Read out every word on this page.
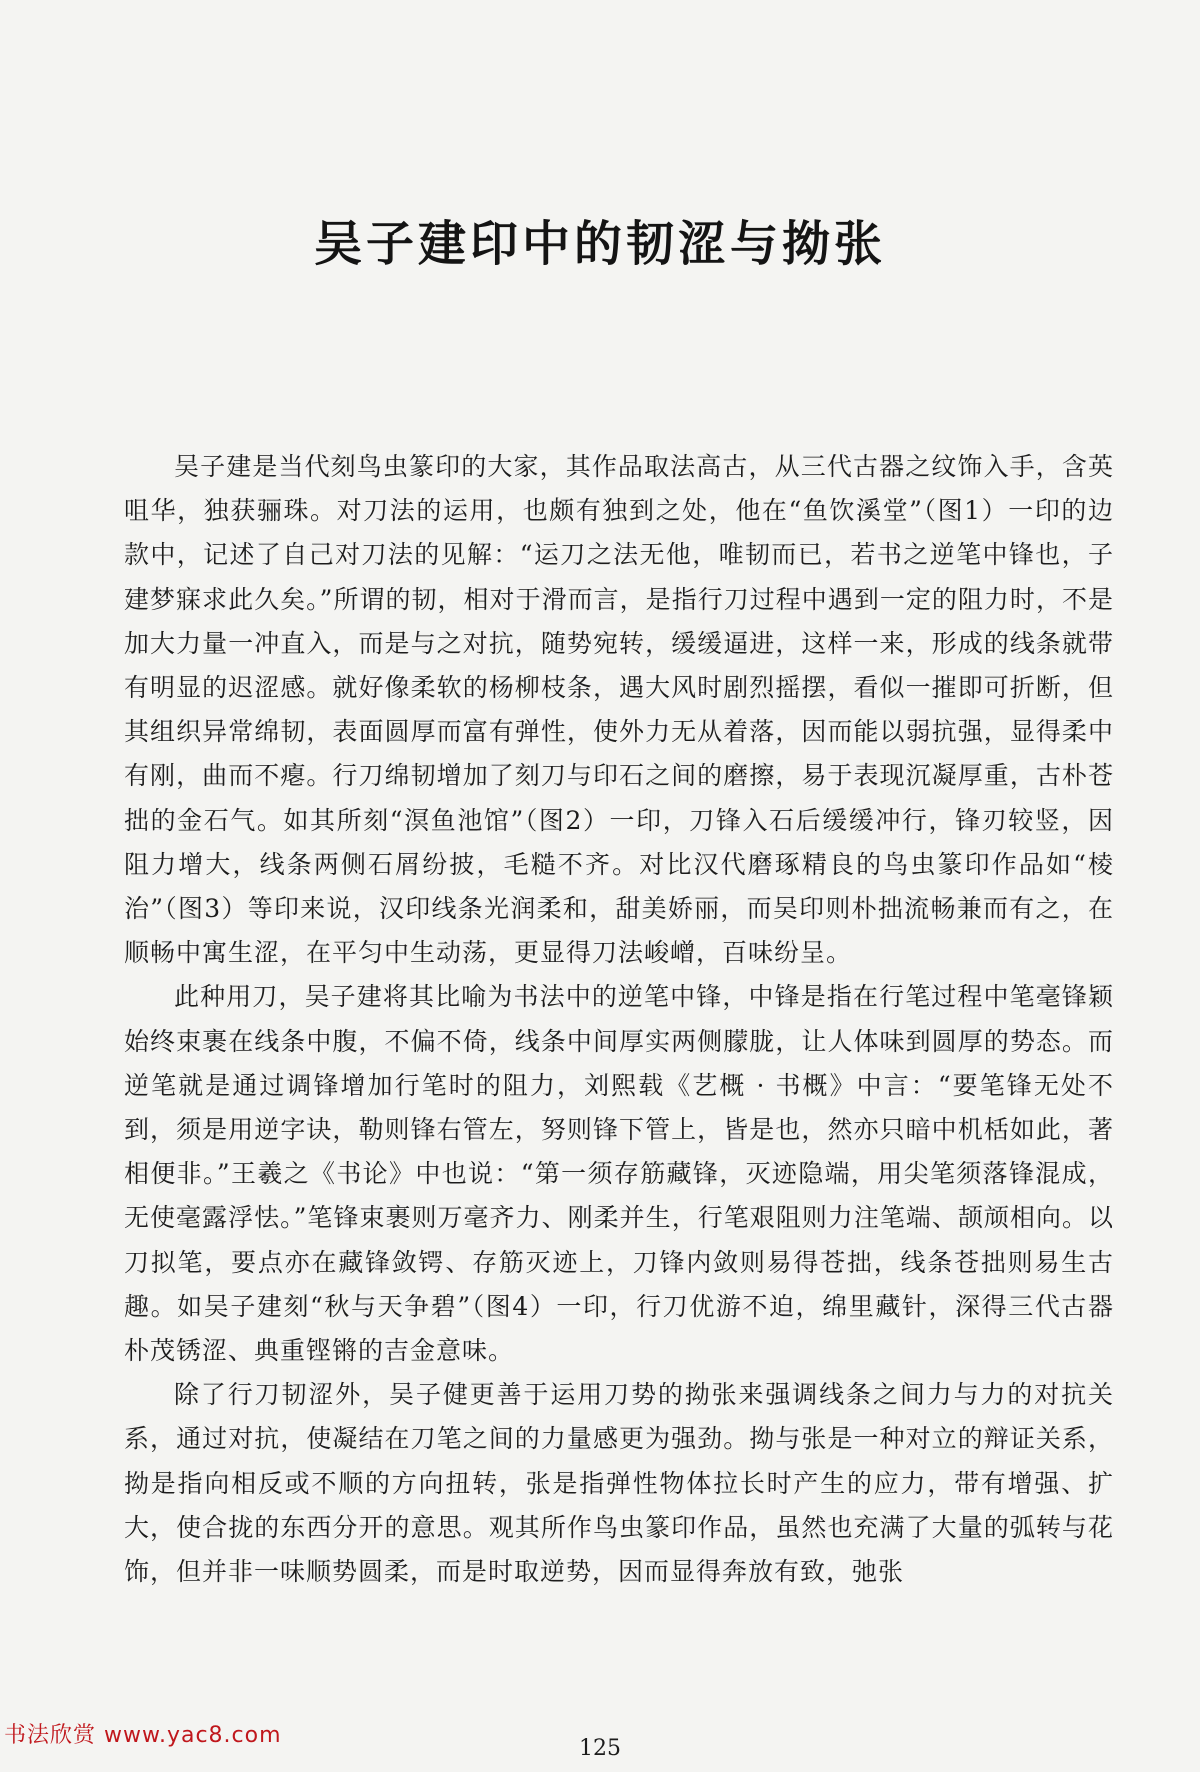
吴子建印中的韧涩与拗张

吴子建是当代刻鸟虫篆印的大家，其作品取法高古，从三代古器之纹饰入手，含英咀华，独获骊珠。对刀法的运用，也颇有独到之处，他在“鱼饮溪堂”（图1）一印的边款中，记述了自己对刀法的见解：“运刀之法无他，唯韧而已，若书之逆笔中锋也，子建梦寐求此久矣。”所谓的韧，相对于滑而言，是指行刀过程中遇到一定的阻力时，不是加大力量一冲直入，而是与之对抗，随势宛转，缓缓逼进，这样一来，形成的线条就带有明显的迟涩感。就好像柔软的杨柳枝条，遇大风时剧烈摇摆，看似一摧即可折断，但其组织异常绵韧，表面圆厚而富有弹性，使外力无从着落，因而能以弱抗强，显得柔中有刚，曲而不瘪。行刀绵韧增加了刻刀与印石之间的磨擦，易于表现沉凝厚重，古朴苍拙的金石气。如其所刻“溟鱼池馆”（图2）一印，刀锋入石后缓缓冲行，锋刃较竖，因阻力增大，线条两侧石屑纷披，毛糙不齐。对比汉代磨琢精良的鸟虫篆印作品如“棱治”（图3）等印来说，汉印线条光润柔和，甜美娇丽，而吴印则朴拙流畅兼而有之，在顺畅中寓生涩，在平匀中生动荡，更显得刀法峻嶒，百味纷呈。

此种用刀，吴子建将其比喻为书法中的逆笔中锋，中锋是指在行笔过程中笔毫锋颖始终束裹在线条中腹，不偏不倚，线条中间厚实两侧朦胧，让人体味到圆厚的势态。而逆笔就是通过调锋增加行笔时的阻力，刘熙载《艺概 · 书概》中言：“要笔锋无处不到，须是用逆字诀，勒则锋右管左，努则锋下管上，皆是也，然亦只暗中机栝如此，著相便非。”王羲之《书论》中也说：“第一须存筋藏锋，灭迹隐端，用尖笔须落锋混成，无使毫露浮怯。”笔锋束裹则万毫齐力、刚柔并生，行笔艰阻则力注笔端、颉颃相向。以刀拟笔，要点亦在藏锋敛锷、存筋灭迹上，刀锋内敛则易得苍拙，线条苍拙则易生古趣。如吴子建刻“秋与天争碧”（图4）一印，行刀优游不迫，绵里藏针，深得三代古器朴茂锈涩、典重铿锵的吉金意味。

除了行刀韧涩外，吴子健更善于运用刀势的拗张来强调线条之间力与力的对抗关系，通过对抗，使凝结在刀笔之间的力量感更为强劲。拗与张是一种对立的辩证关系，拗是指向相反或不顺的方向扭转，张是指弹性物体拉长时产生的应力，带有增强、扩大，使合拢的东西分开的意思。观其所作鸟虫篆印作品，虽然也充满了大量的弧转与花饰，但并非一味顺势圆柔，而是时取逆势，因而显得奔放有致，弛张

书法欣赏 www.yac8.com
125
